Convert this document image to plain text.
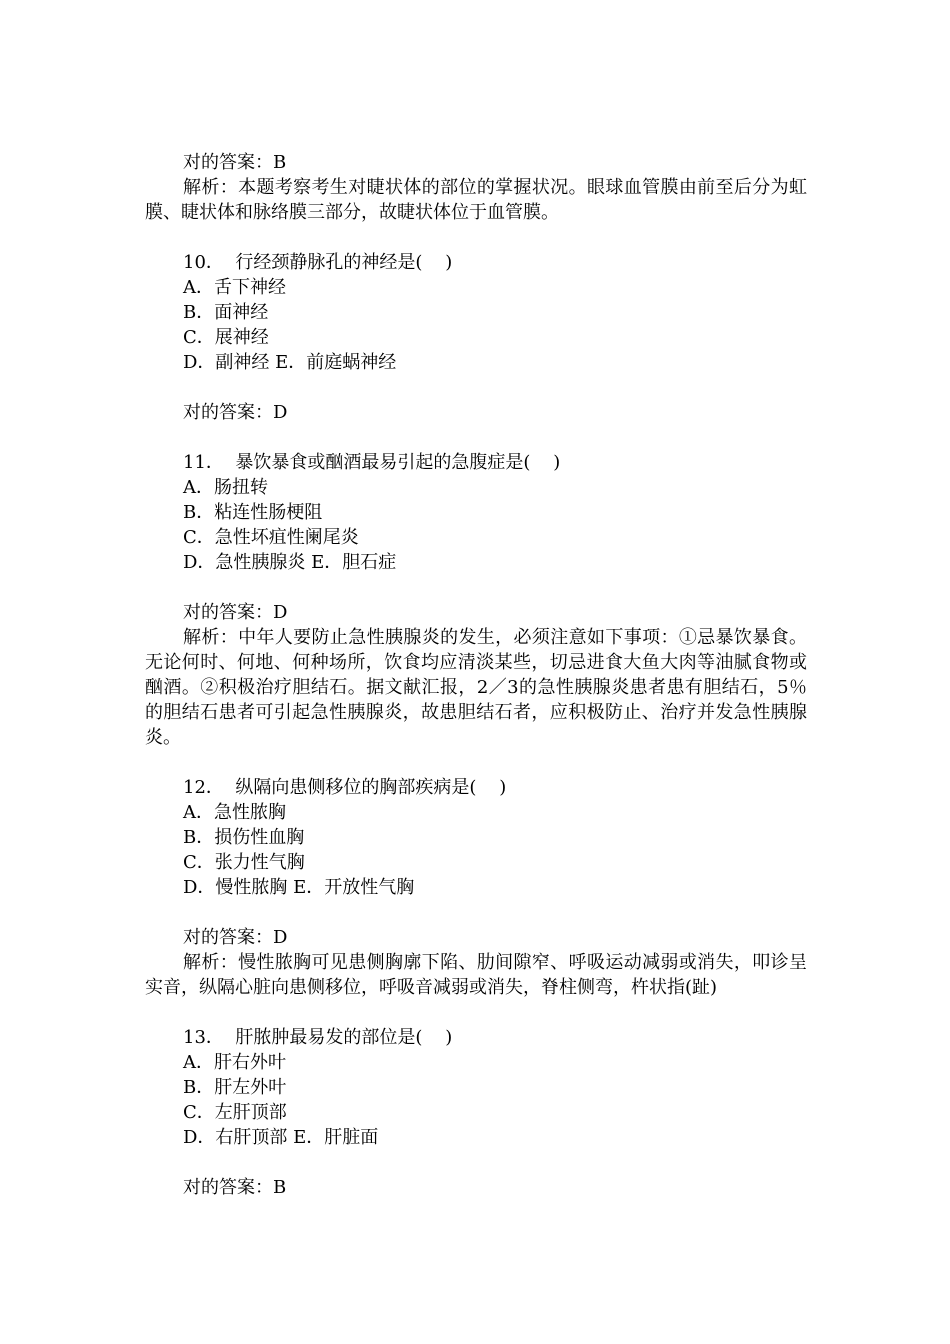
对的答案：B
解析：本题考察考生对睫状体的部位的掌握状况。眼球血管膜由前至后分为虹膜、睫状体和脉络膜三部分，故睫状体位于血管膜。
10．  行经颈静脉孔的神经是(    )
A．舌下神经
B．面神经
C．展神经
D．副神经 E．前庭蜗神经
对的答案：D
11．  暴饮暴食或酗酒最易引起的急腹症是(    )
A．肠扭转
B．粘连性肠梗阻
C．急性坏疽性阑尾炎
D．急性胰腺炎 E．胆石症
对的答案：D
解析：中年人要防止急性胰腺炎的发生，必须注意如下事项：①忌暴饮暴食。无论何时、何地、何种场所，饮食均应清淡某些，切忌进食大鱼大肉等油腻食物或酗酒。②积极治疗胆结石。据文献汇报，2／3的急性胰腺炎患者患有胆结石，5％的胆结石患者可引起急性胰腺炎，故患胆结石者，应积极防止、治疗并发急性胰腺炎。
12．  纵隔向患侧移位的胸部疾病是(    )
A．急性脓胸
B．损伤性血胸
C．张力性气胸
D．慢性脓胸 E．开放性气胸
对的答案：D
解析：慢性脓胸可见患侧胸廓下陷、肋间隙窄、呼吸运动减弱或消失，叩诊呈实音，纵隔心脏向患侧移位，呼吸音减弱或消失，脊柱侧弯，杵状指(趾)
13．  肝脓肿最易发的部位是(    )
A．肝右外叶
B．肝左外叶
C．左肝顶部
D．右肝顶部 E．肝脏面
对的答案：B
